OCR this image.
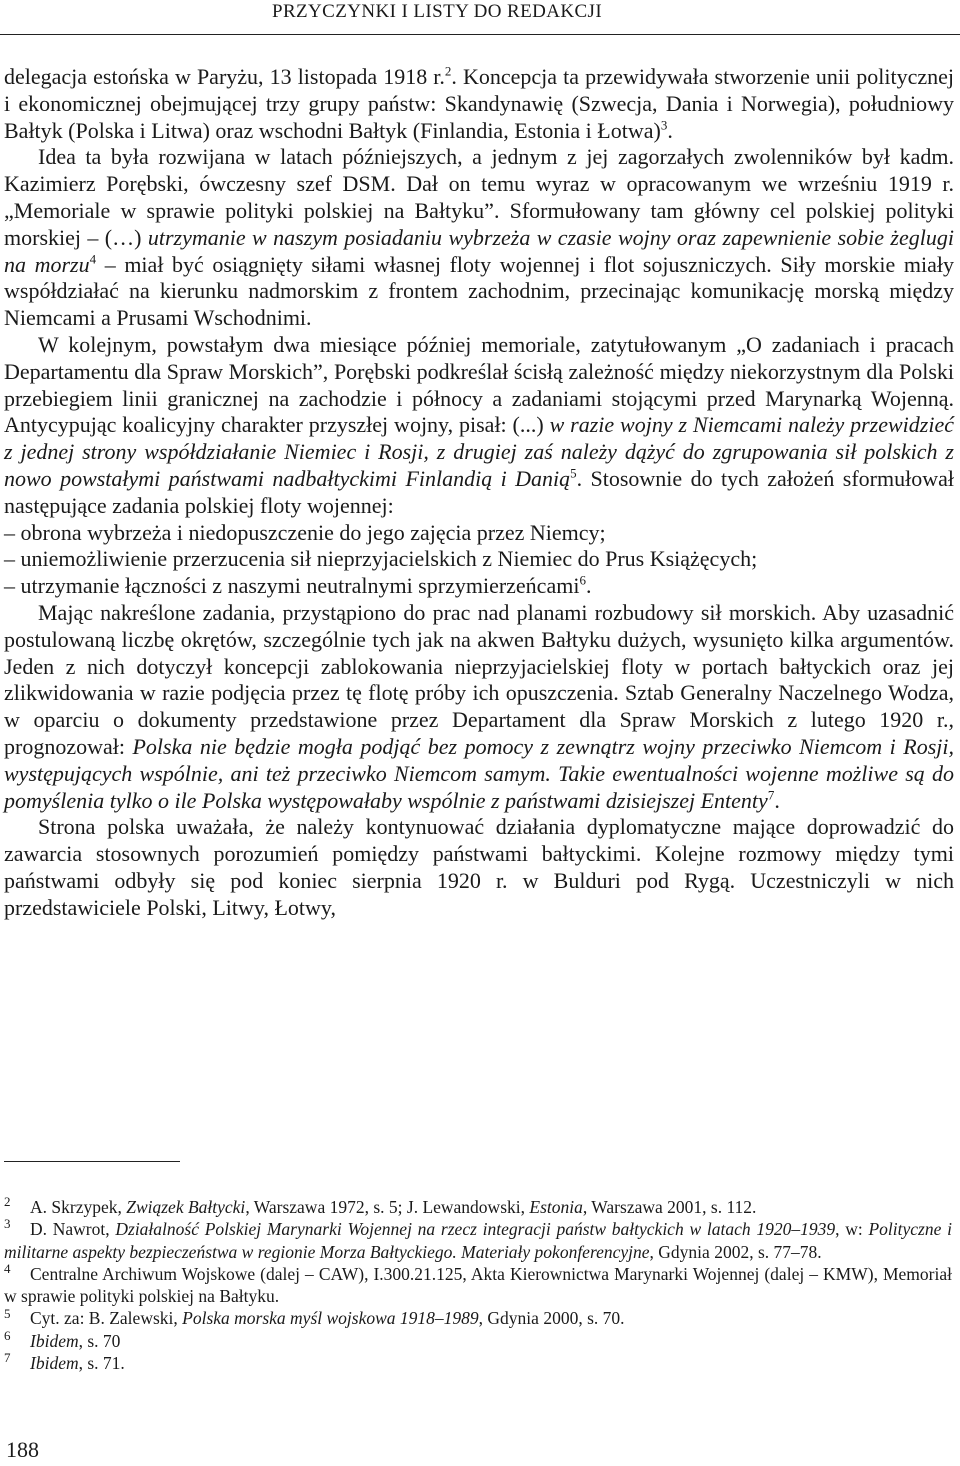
PRZYCZYNKI I LISTY DO REDAKCJI

delegacja estońska w Paryżu, 13 listopada 1918 r.$^2$. Koncepcja ta przewidywała stworzenie unii politycznej i ekonomicznej obejmującej trzy grupy państw: Skandynawię (Szwecja, Dania i Norwegia), południowy Bałtyk (Polska i Litwa) oraz wschodni Bałtyk (Finlandia, Estonia i Łotwa)$^3$.

Idea ta była rozwijana w latach późniejszych, a jednym z jej zagorzałych zwolenników był kadm. Kazimierz Porębski, ówczesny szef DSM. Dał on temu wyraz w opracowanym we wrześniu 1919 r. „Memoriale w sprawie polityki polskiej na Bałtyku”. Sformułowany tam główny cel polskiej polityki morskiej – (…) utrzymanie w naszym posiadaniu wybrzeża w czasie wojny oraz zapewnienie sobie żeglugi na morzu$^4$ – miał być osiągnięty siłami własnej floty wojennej i flot sojuszniczych. Siły morskie miały współdziałać na kierunku nadmorskim z frontem zachodnim, przecinając komunikację morską między Niemcami a Prusami Wschodnimi.

W kolejnym, powstałym dwa miesiące później memoriale, zatytułowanym „O zadaniach i pracach Departamentu dla Spraw Morskich”, Porębski podkreślał ścisłą zależność między niekorzystnym dla Polski przebiegiem linii granicznej na zachodzie i północy a zadaniami stojącymi przed Marynarką Wojenną. Antycypując koalicyjny charakter przyszłej wojny, pisał: (...) w razie wojny z Niemcami należy przewidzieć z jednej strony współdziałanie Niemiec i Rosji, z drugiej zaś należy dążyć do zgrupowania sił polskich z nowo powstałymi państwami nadbałtyckimi Finlandią i Danią$^5$. Stosownie do tych założeń sformułował następujące zadania polskiej floty wojennej:

– obrona wybrzeża i niedopuszczenie do jego zajęcia przez Niemcy;

– uniemożliwienie przerzucenia sił nieprzyjacielskich z Niemiec do Prus Książęcych;

– utrzymanie łączności z naszymi neutralnymi sprzymierzeńcami$^6$.

Mając nakreślone zadania, przystąpiono do prac nad planami rozbudowy sił morskich. Aby uzasadnić postulowaną liczbę okrętów, szczególnie tych jak na akwen Bałtyku dużych, wysunięto kilka argumentów. Jeden z nich dotyczył koncepcji zablokowania nieprzyjacielskiej floty w portach bałtyckich oraz jej zlikwidowania w razie podjęcia przez tę flotę próby ich opuszczenia. Sztab Generalny Naczelnego Wodza, w oparciu o dokumenty przedstawione przez Departament dla Spraw Morskich z lutego 1920 r., prognozował: Polska nie będzie mogła podjąć bez pomocy z zewnątrz wojny przeciwko Niemcom i Rosji, występujących wspólnie, ani też przeciwko Niemcom samym. Takie ewentualności wojenne możliwe są do pomyślenia tylko o ile Polska występowałaby wspólnie z państwami dzisiejszej Ententy$^7$.

Strona polska uważała, że należy kontynuować działania dyplomatyczne mające doprowadzić do zawarcia stosownych porozumień pomiędzy państwami bałtyckimi. Kolejne rozmowy między tymi państwami odbyły się pod koniec sierpnia 1920 r. w Bulduri pod Rygą. Uczestniczyli w nich przedstawiciele Polski, Litwy, Łotwy,

2 A. Skrzypek, Związek Bałtycki, Warszawa 1972, s. 5; J. Lewandowski, Estonia, Warszawa 2001, s. 112.

3 D. Nawrot, Działalność Polskiej Marynarki Wojennej na rzecz integracji państw bałtyckich w latach 1920–1939, w: Polityczne i militarne aspekty bezpieczeństwa w regionie Morza Bałtyckiego. Materiały pokonferencyjne, Gdynia 2002, s. 77–78.

4 Centralne Archiwum Wojskowe (dalej – CAW), I.300.21.125, Akta Kierownictwa Marynarki Wojennej (dalej – KMW), Memoriał w sprawie polityki polskiej na Bałtyku.

5 Cyt. za: B. Zalewski, Polska morska myśl wojskowa 1918–1989, Gdynia 2000, s. 70.

6 Ibidem, s. 70

7 Ibidem, s. 71.

188
